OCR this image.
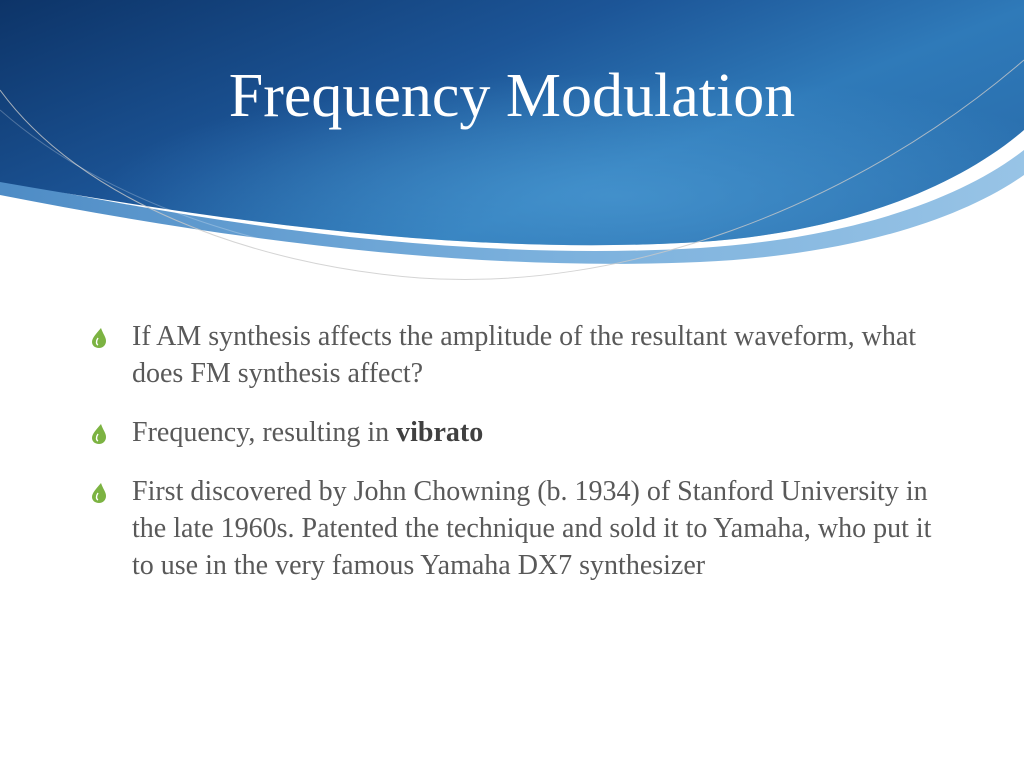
Frequency Modulation
If AM synthesis affects the amplitude of the resultant waveform, what does FM synthesis affect?
Frequency, resulting in vibrato
First discovered by John Chowning (b. 1934) of Stanford University in the late 1960s. Patented the technique and sold it to Yamaha, who put it to use in the very famous Yamaha DX7 synthesizer
